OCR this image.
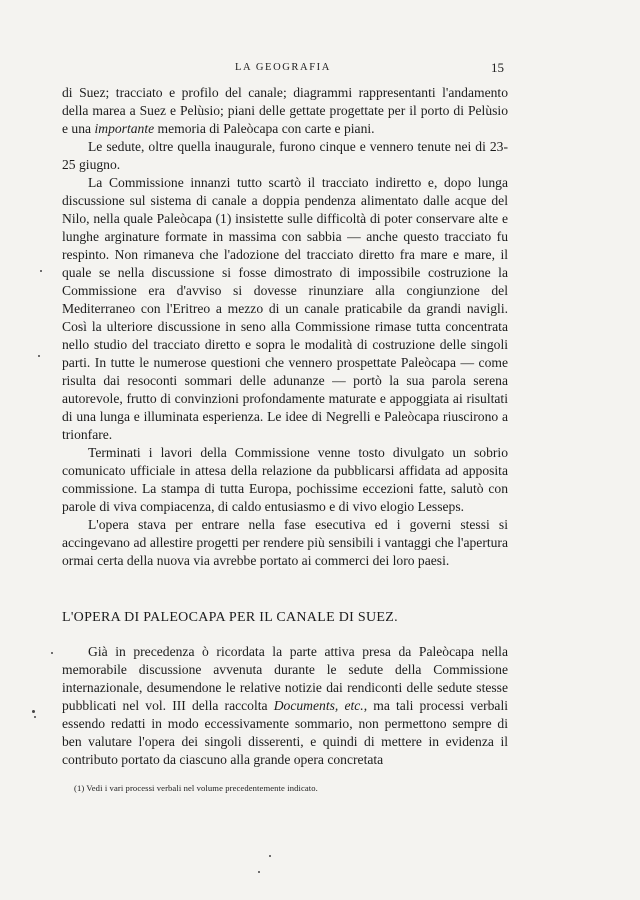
LA GEOGRAFIA	15

di Suez; tracciato e profilo del canale; diagrammi rappresentanti l'andamento della marea a Suez e Pelùsio; piani delle gettate progettate per il porto di Pelùsio e una importante memoria di Paleòcapa con carte e piani.

Le sedute, oltre quella inaugurale, furono cinque e vennero tenute nei di 23-25 giugno.

La Commissione innanzi tutto scartò il tracciato indiretto e, dopo lunga discussione sul sistema di canale a doppia pendenza alimentato dalle acque del Nilo, nella quale Paleòcapa (1) insistette sulle difficoltà di poter conservare alte e lunghe arginature formate in massima con sabbia — anche questo tracciato fu respinto. Non rimaneva che l'adozione del tracciato diretto fra mare e mare, il quale se nella discussione si fosse dimostrato di impossibile costruzione la Commissione era d'avviso si dovesse rinunziare alla congiunzione del Mediterraneo con l'Eritreo a mezzo di un canale praticabile da grandi navigli. Così la ulteriore discussione in seno alla Commissione rimase tutta concentrata nello studio del tracciato diretto e sopra le modalità di costruzione delle singoli parti. In tutte le numerose questioni che vennero prospettate Paleòcapa — come risulta dai resoconti sommari delle adunanze — portò la sua parola serena autorevole, frutto di convinzioni profondamente maturate e appoggiata ai risultati di una lunga e illuminata esperienza. Le idee di Negrelli e Paleòcapa riuscirono a trionfare.

Terminati i lavori della Commissione venne tosto divulgato un sobrio comunicato ufficiale in attesa della relazione da pubblicarsi affidata ad apposita commissione. La stampa di tutta Europa, pochissime eccezioni fatte, salutò con parole di viva compiacenza, di caldo entusiasmo e di vivo elogio Lesseps.

L'opera stava per entrare nella fase esecutiva ed i governi stessi si accingevano ad allestire progetti per rendere più sensibili i vantaggi che l'apertura ormai certa della nuova via avrebbe portato ai commerci dei loro paesi.

L'OPERA DI PALEOCAPA PER IL CANALE DI SUEZ.

Già in precedenza ò ricordata la parte attiva presa da Paleòcapa nella memorabile discussione avvenuta durante le sedute della Commissione internazionale, desumendone le relative notizie dai rendiconti delle sedute stesse pubblicati nel vol. III della raccolta Documents, etc., ma tali processi verbali essendo redatti in modo eccessivamente sommario, non permettono sempre di ben valutare l'opera dei singoli disserenti, e quindi di mettere in evidenza il contributo portato da ciascuno alla grande opera concretata

(1) Vedi i vari processi verbali nel volume precedentemente indicato.
